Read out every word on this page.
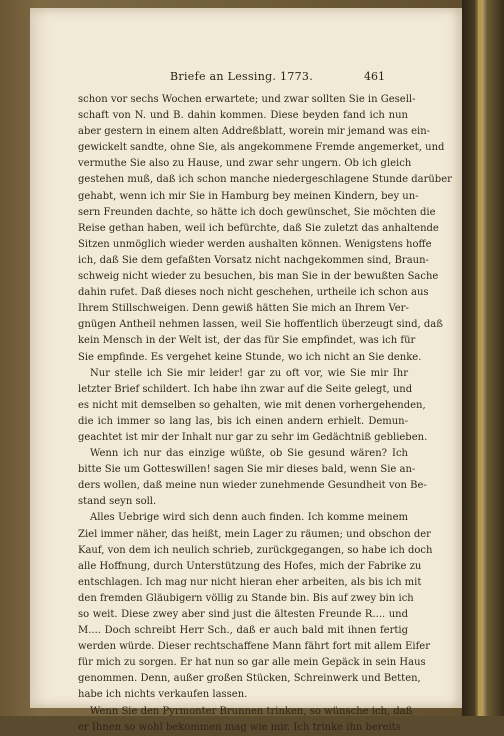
Briefe an Lessing. 1773.	461
schon vor sechs Wochen erwartete; und zwar sollten Sie in Gesell-
schaft von N. und B. dahin kommen. Diese beyden fand ich nun
aber gestern in einem alten Addreßblatt, worein mir jemand was ein-
gewickelt sandte, ohne Sie, als angekommene Fremde angemerket, und
vermuthe Sie also zu Hause, und zwar sehr ungern. Ob ich gleich
gestehen muß, daß ich schon manche niedergeschlagene Stunde darüber
gehabt, wenn ich mir Sie in Hamburg bey meinen Kindern, bey un-
sern Freunden dachte, so hätte ich doch gewünschet, Sie möchten die
Reise gethan haben, weil ich befürchte, daß Sie zuletzt das anhaltende
Sitzen unmöglich wieder werden aushalten können. Wenigstens hoffe
ich, daß Sie dem gefaßten Vorsatz nicht nachgekommen sind, Braun-
schweig nicht wieder zu besuchen, bis man Sie in der bewußten Sache
dahin rufet. Daß dieses noch nicht geschehen, urtheile ich schon aus
Ihrem Stillschweigen. Denn gewiß hätten Sie mich an Ihrem Ver-
gnügen Antheil nehmen lassen, weil Sie hoffentlich überzeugt sind, daß
kein Mensch in der Welt ist, der das für Sie empfindet, was ich für
Sie empfinde. Es vergehet keine Stunde, wo ich nicht an Sie denke.
Nur stelle ich Sie mir leider! gar zu oft vor, wie Sie mir Ihr
letzter Brief schildert. Ich habe ihn zwar auf die Seite gelegt, und
es nicht mit demselben so gehalten, wie mit denen vorhergehenden,
die ich immer so lang las, bis ich einen andern erhielt. Demun-
geachtet ist mir der Inhalt nur gar zu sehr im Gedächtniß geblieben.
Wenn ich nur das einzige wüßte, ob Sie gesund wären? Ich
bitte Sie um Gotteswillen! sagen Sie mir dieses bald, wenn Sie an-
ders wollen, daß meine nun wieder zunehmende Gesundheit von Be-
stand seyn soll.
Alles Uebrige wird sich denn auch finden. Ich komme meinem
Ziel immer näher, das heißt, mein Lager zu räumen; und obschon der
Kauf, von dem ich neulich schrieb, zurückgegangen, so habe ich doch
alle Hoffnung, durch Unterstützung des Hofes, mich der Fabrike zu
entschlagen. Ich mag nur nicht hieran eher arbeiten, als bis ich mit
den fremden Gläubigern völlig zu Stande bin. Bis auf zwey bin ich
so weit. Diese zwey aber sind just die ältesten Freunde R.... und
M.... Doch schreibt Herr Sch., daß er auch bald mit ihnen fertig
werden würde. Dieser rechtschaffene Mann fährt fort mit allem Eifer
für mich zu sorgen. Er hat nun so gar alle mein Gepäck in sein Haus
genommen. Denn, außer großen Stücken, Schreinwerk und Betten,
habe ich nichts verkaufen lassen.
Wenn Sie den Pyrmonter Brunnen trinken, so wünsche ich, daß
er Ihnen so wohl bekommen mag wie mir. Ich trinke ihn bereits
